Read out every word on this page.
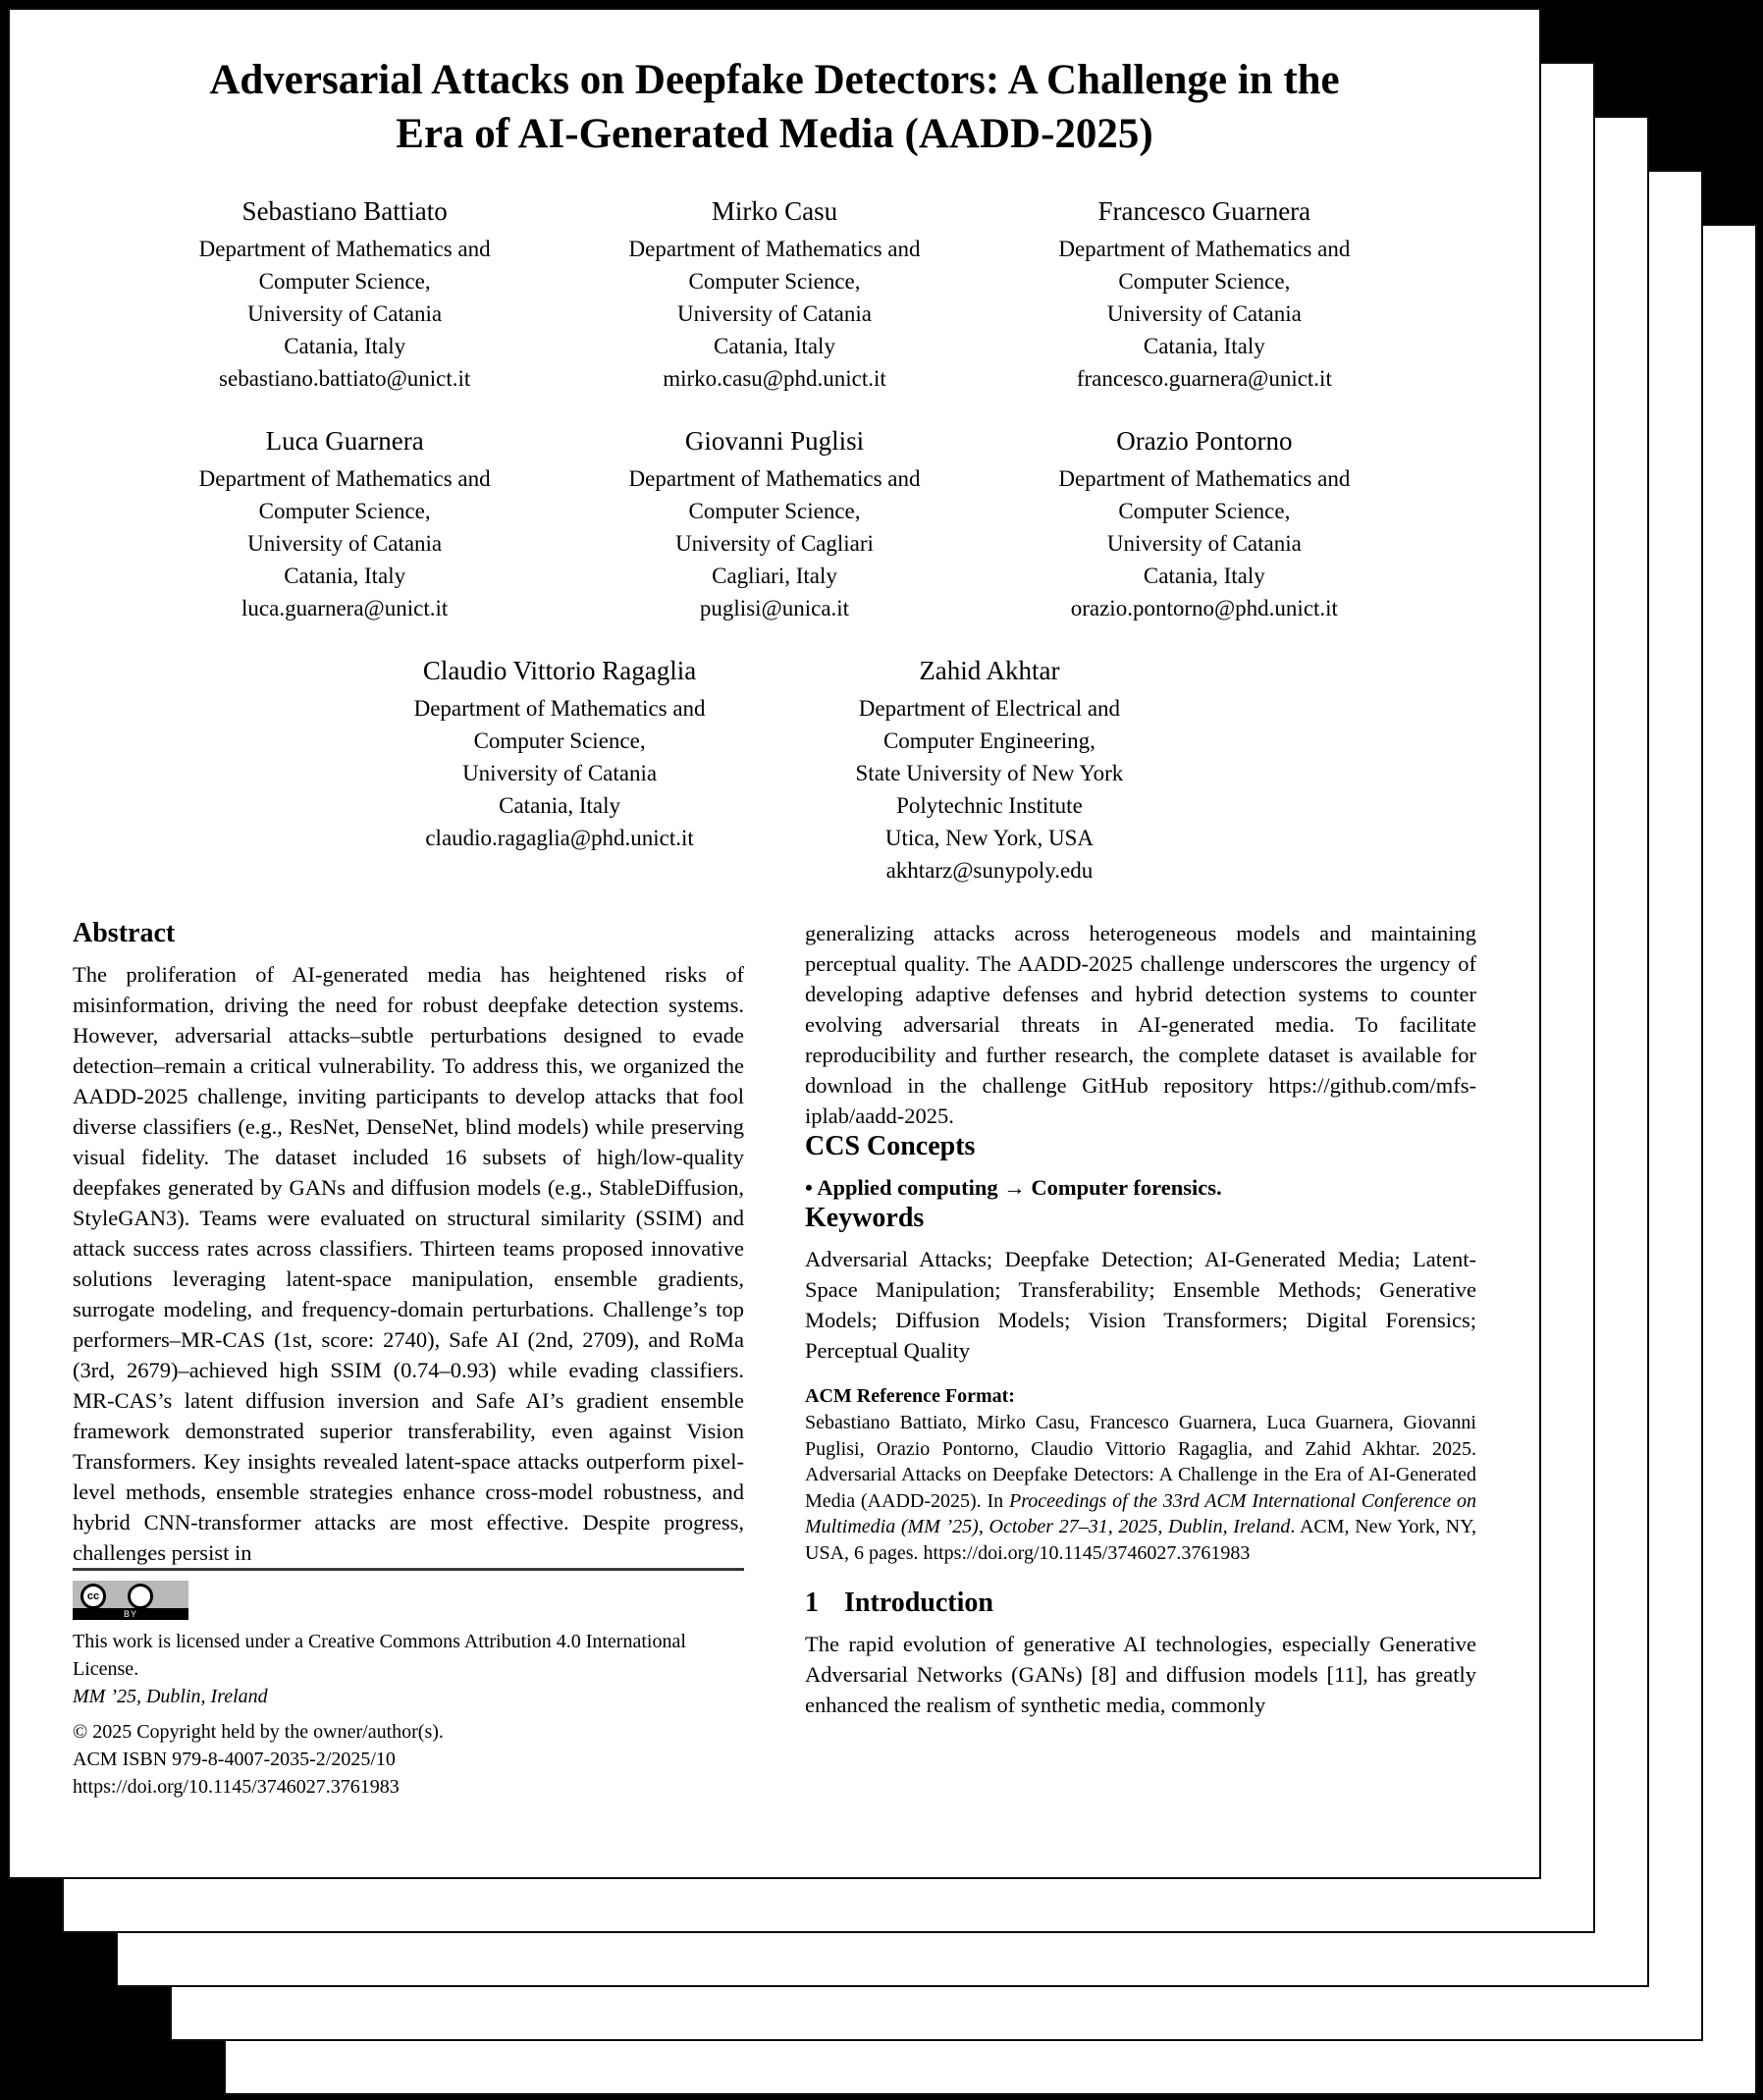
Adversarial Attacks on Deepfake Detectors: A Challenge in the
Era of AI-Generated Media (AADD-2025)
Sebastiano Battiato
Department of Mathematics and
Computer Science,
University of Catania
Catania, Italy
sebastiano.battiato@unict.it
Mirko Casu
Department of Mathematics and
Computer Science,
University of Catania
Catania, Italy
mirko.casu@phd.unict.it
Francesco Guarnera
Department of Mathematics and
Computer Science,
University of Catania
Catania, Italy
francesco.guarnera@unict.it
Luca Guarnera
Department of Mathematics and
Computer Science,
University of Catania
Catania, Italy
luca.guarnera@unict.it
Giovanni Puglisi
Department of Mathematics and
Computer Science,
University of Cagliari
Cagliari, Italy
puglisi@unica.it
Orazio Pontorno
Department of Mathematics and
Computer Science,
University of Catania
Catania, Italy
orazio.pontorno@phd.unict.it
Claudio Vittorio Ragaglia
Department of Mathematics and
Computer Science,
University of Catania
Catania, Italy
claudio.ragaglia@phd.unict.it
Zahid Akhtar
Department of Electrical and
Computer Engineering,
State University of New York
Polytechnic Institute
Utica, New York, USA
akhtarz@sunypoly.edu
Abstract

The proliferation of AI-generated media has heightened risks of misinformation, driving the need for robust deepfake detection systems. However, adversarial attacks–subtle perturbations designed to evade detection–remain a critical vulnerability. To address this, we organized the AADD-2025 challenge, inviting participants to develop attacks that fool diverse classifiers (e.g., ResNet, DenseNet, blind models) while preserving visual fidelity. The dataset included 16 subsets of high/low-quality deepfakes generated by GANs and diffusion models (e.g., StableDiffusion, StyleGAN3). Teams were evaluated on structural similarity (SSIM) and attack success rates across classifiers. Thirteen teams proposed innovative solutions leveraging latent-space manipulation, ensemble gradients, surrogate modeling, and frequency-domain perturbations. Challenge’s top performers–MR-CAS (1st, score: 2740), Safe AI (2nd, 2709), and RoMa (3rd, 2679)–achieved high SSIM (0.74–0.93) while evading classifiers. MR-CAS’s latent diffusion inversion and Safe AI’s gradient ensemble framework demonstrated superior transferability, even against Vision Transformers. Key insights revealed latent-space attacks outperform pixel-level methods, ensemble strategies enhance cross-model robustness, and hybrid CNN-transformer attacks are most effective. Despite progress, challenges persist in

cc
BY
This work is licensed under a Creative Commons Attribution 4.0 International License.
MM ’25, Dublin, Ireland
© 2025 Copyright held by the owner/author(s).
ACM ISBN 979-8-4007-2035-2/2025/10
https://doi.org/10.1145/3746027.3761983

generalizing attacks across heterogeneous models and maintaining perceptual quality. The AADD-2025 challenge underscores the urgency of developing adaptive defenses and hybrid detection systems to counter evolving adversarial threats in AI-generated media. To facilitate reproducibility and further research, the complete dataset is available for download in the challenge GitHub repository https://github.com/mfs-iplab/aadd-2025.

CCS Concepts

• Applied computing → Computer forensics.

Keywords

Adversarial Attacks; Deepfake Detection; AI-Generated Media; Latent-Space Manipulation; Transferability; Ensemble Methods; Generative Models; Diffusion Models; Vision Transformers; Digital Forensics; Perceptual Quality

ACM Reference Format:

Sebastiano Battiato, Mirko Casu, Francesco Guarnera, Luca Guarnera, Giovanni Puglisi, Orazio Pontorno, Claudio Vittorio Ragaglia, and Zahid Akhtar. 2025. Adversarial Attacks on Deepfake Detectors: A Challenge in the Era of AI-Generated Media (AADD-2025). In Proceedings of the 33rd ACM International Conference on Multimedia (MM ’25), October 27–31, 2025, Dublin, Ireland. ACM, New York, NY, USA, 6 pages. https://doi.org/10.1145/3746027.3761983

1 Introduction

The rapid evolution of generative AI technologies, especially Generative Adversarial Networks (GANs) [8] and diffusion models [11], has greatly enhanced the realism of synthetic media, commonly
